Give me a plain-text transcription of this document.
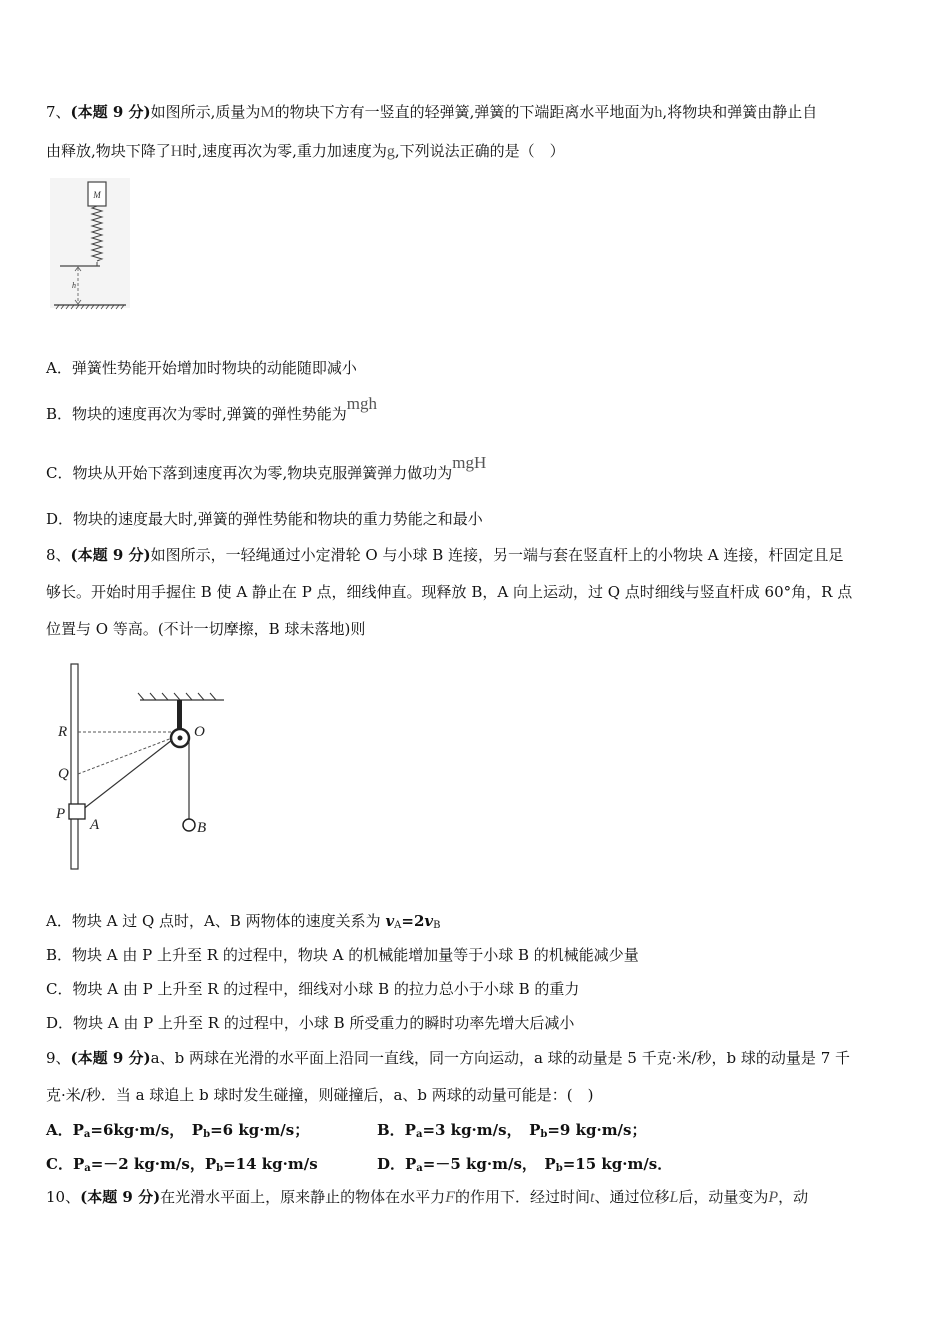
7、(本题 9 分)如图所示,质量为M的物块下方有一竖直的轻弹簧,弹簧的下端距离水平地面为h,将物块和弹簧由静止自
由释放,物块下降了H时,速度再次为零,重力加速度为g,下列说法正确的是（　）
M
h
A．弹簧性势能开始增加时物块的动能随即减小
B．物块的速度再次为零时,弹簧的弹性势能为mgh
C．物块从开始下落到速度再次为零,物块克服弹簧弹力做功为mgH
D．物块的速度最大时,弹簧的弹性势能和物块的重力势能之和最小
8、(本题 9 分)如图所示，一轻绳通过小定滑轮 O 与小球 B 连接，另一端与套在竖直杆上的小物块 A 连接，杆固定且足
够长。开始时用手握住 B 使 A 静止在 P 点，细线伸直。现释放 B，A 向上运动，过 Q 点时细线与竖直杆成 60°角，R 点
位置与 O 等高。(不计一切摩擦，B 球未落地)则
R
Q
P
A
O
B
A．物块 A 过 Q 点时，A、B 两物体的速度关系为 $v_A=2v_B$
B．物块 A 由 P 上升至 R 的过程中，物块 A 的机械能增加量等于小球 B 的机械能减少量
C．物块 A 由 P 上升至 R 的过程中，细线对小球 B 的拉力总小于小球 B 的重力
D．物块 A 由 P 上升至 R 的过程中，小球 B 所受重力的瞬时功率先增大后减小
9、(本题 9 分)a、b 两球在光滑的水平面上沿同一直线，同一方向运动，a 球的动量是 5 千克·米/秒，b 球的动量是 7 千
克·米/秒．当 a 球追上 b 球时发生碰撞，则碰撞后，a、b 两球的动量可能是：(　)
A．$P_a=6kg\cdot m/s$，　$P_b=6$ kg·m/s；	B．$P_a=3$ kg·m/s，　$P_b=9$ kg·m/s；
C．$P_a=-2$ kg·m/s，$P_b=14$ kg·m/s	D．$P_a=-5$ kg·m/s，　$P_b=15$ kg·m/s．
10、(本题 9 分)在光滑水平面上，原来静止的物体在水平力F的作用下．经过时间t、通过位移L后，动量变为P，动
